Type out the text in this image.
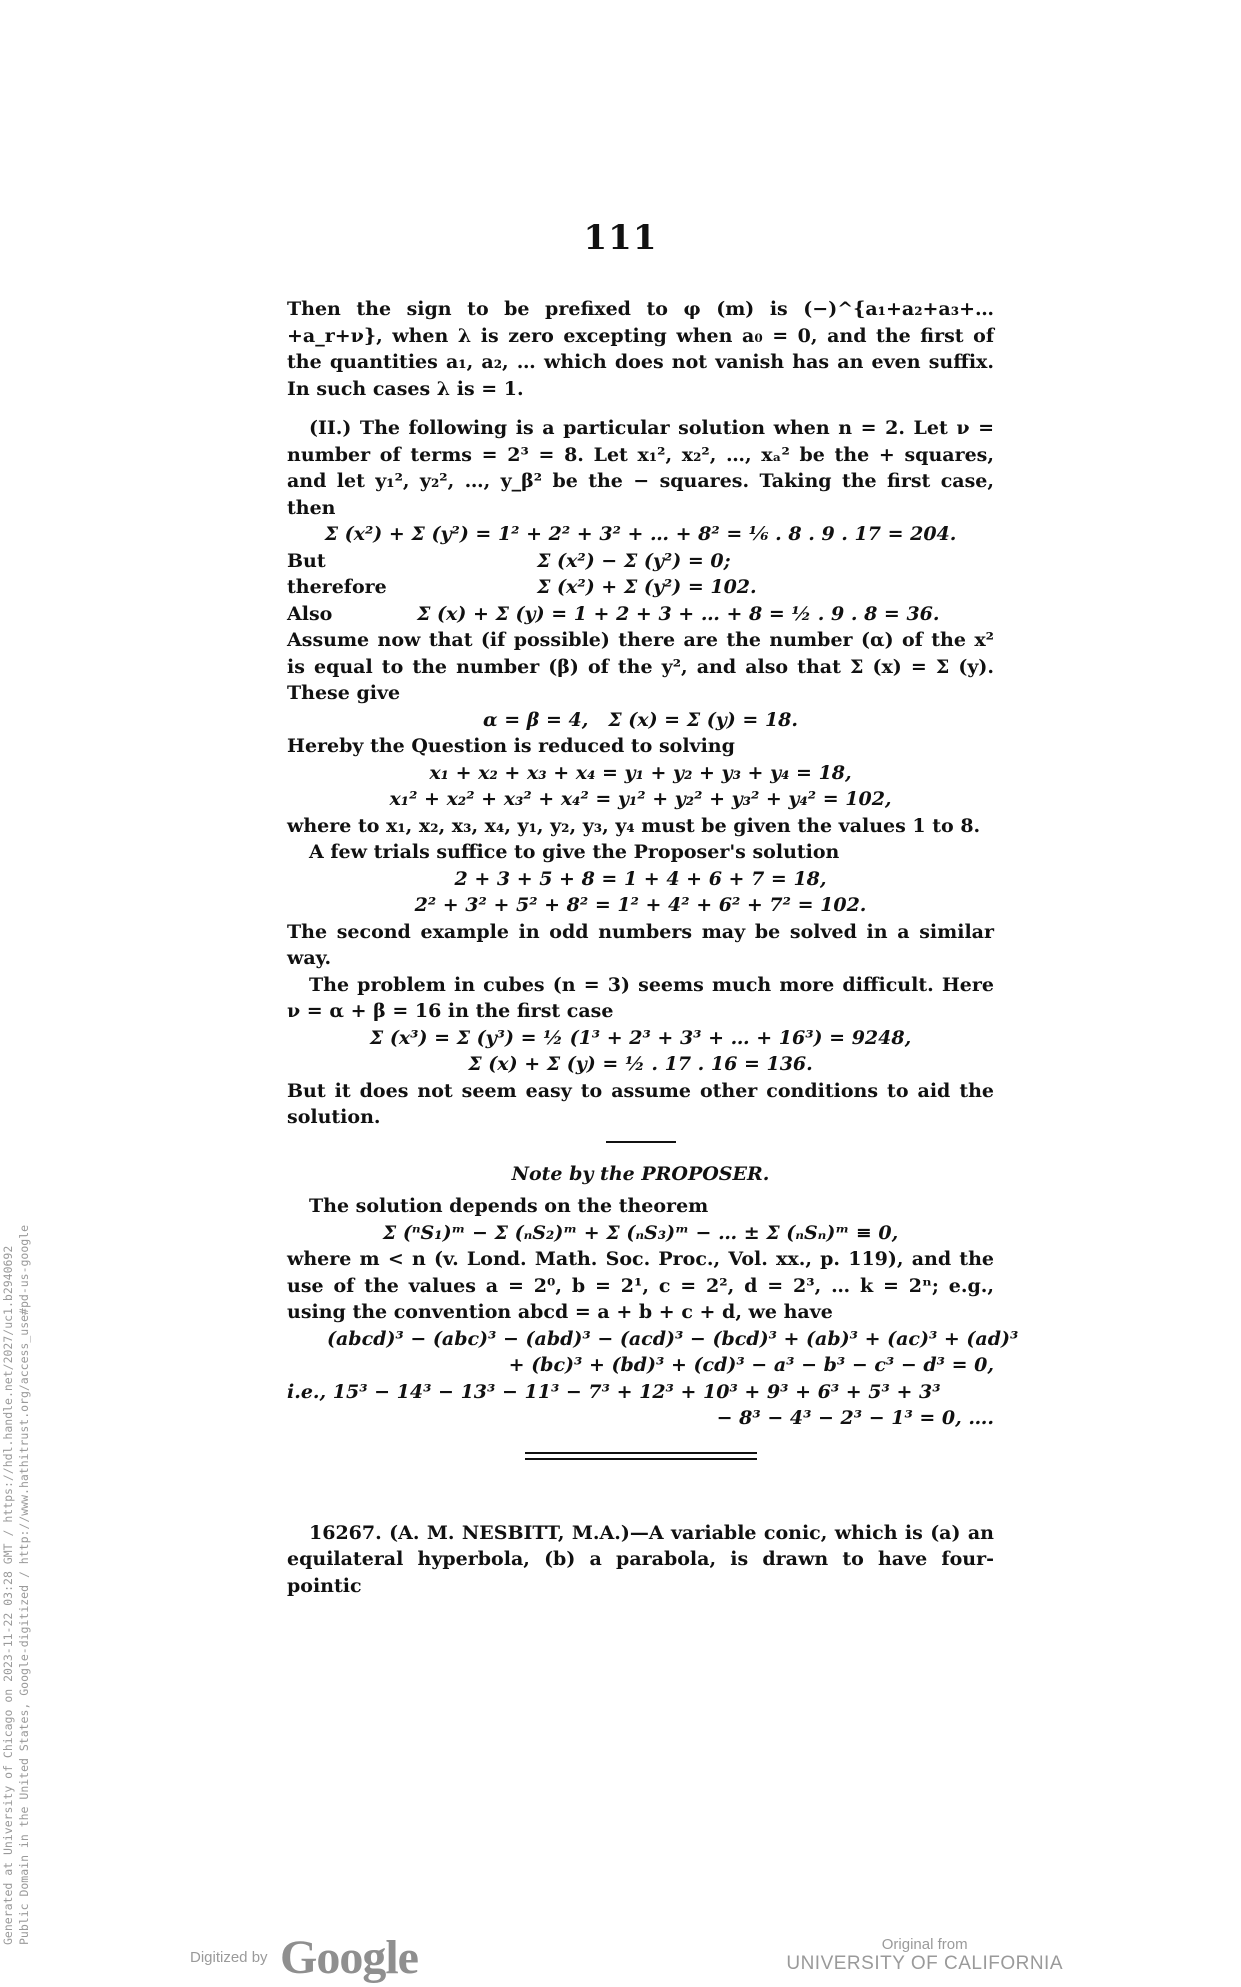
111

Then the sign to be prefixed to φ (m) is (−)^{a₁+a₂+a₃+…+a_r+ν}, when λ is zero excepting when a₀ = 0, and the first of the quantities a₁, a₂, … which does not vanish has an even suffix. In such cases λ is = 1.

(II.) The following is a particular solution when n = 2. Let ν = number of terms = 2³ = 8. Let x₁², x₂², …, xₐ² be the + squares, and let y₁², y₂², …, y_β² be the − squares. Taking the first case, then

Σ (x²) + Σ (y²) = 1² + 2² + 3² + … + 8² = ⅙ . 8 . 9 . 17 = 204.

But	Σ (x²) − Σ (y²) = 0;
therefore	Σ (x²) + Σ (y²) = 102.
Also	Σ (x) + Σ (y) = 1 + 2 + 3 + … + 8 = ½ . 9 . 8 = 36.

Assume now that (if possible) there are the number (α) of the x² is equal to the number (β) of the y², and also that Σ (x) = Σ (y). These give

α = β = 4,   Σ (x) = Σ (y) = 18.

Hereby the Question is reduced to solving

x₁ + x₂ + x₃ + x₄ = y₁ + y₂ + y₃ + y₄ = 18,

x₁² + x₂² + x₃² + x₄² = y₁² + y₂² + y₃² + y₄² = 102,

where to x₁, x₂, x₃, x₄, y₁, y₂, y₃, y₄ must be given the values 1 to 8.

A few trials suffice to give the Proposer's solution

2 + 3 + 5 + 8 = 1 + 4 + 6 + 7 = 18,

2² + 3² + 5² + 8² = 1² + 4² + 6² + 7² = 102.

The second example in odd numbers may be solved in a similar way.

The problem in cubes (n = 3) seems much more difficult. Here ν = α + β = 16 in the first case

Σ (x³) = Σ (y³) = ½ (1³ + 2³ + 3³ + … + 16³) = 9248,

Σ (x) + Σ (y) = ½ . 17 . 16 = 136.

But it does not seem easy to assume other conditions to aid the solution.

Note by the PROPOSER.

The solution depends on the theorem

Σ (ⁿS₁)ᵐ − Σ (ₙS₂)ᵐ + Σ (ₙS₃)ᵐ − … ± Σ (ₙSₙ)ᵐ ≡ 0,

where m < n (v. Lond. Math. Soc. Proc., Vol. xx., p. 119), and the use of the values a = 2⁰, b = 2¹, c = 2², d = 2³, … k = 2ⁿ; e.g., using the convention abcd = a + b + c + d, we have

(abcd)³ − (abc)³ − (abd)³ − (acd)³ − (bcd)³ + (ab)³ + (ac)³ + (ad)³

+ (bc)³ + (bd)³ + (cd)³ − a³ − b³ − c³ − d³ = 0,

i.e., 15³ − 14³ − 13³ − 11³ − 7³ + 12³ + 10³ + 9³ + 6³ + 5³ + 3³

− 8³ − 4³ − 2³ − 1³ = 0, ….

16267. (A. M. NESBITT, M.A.)—A variable conic, which is (a) an equilateral hyperbola, (b) a parabola, is drawn to have four-pointic

Generated at University of Chicago on 2023-11-22 03:28 GMT / https://hdl.handle.net/2027/uc1.b2940692 Public Domain in the United States, Google-digitized / http://www.hathitrust.org/access_use#pd-us-google
Digitized by Google	Original from
UNIVERSITY OF CALIFORNIA
